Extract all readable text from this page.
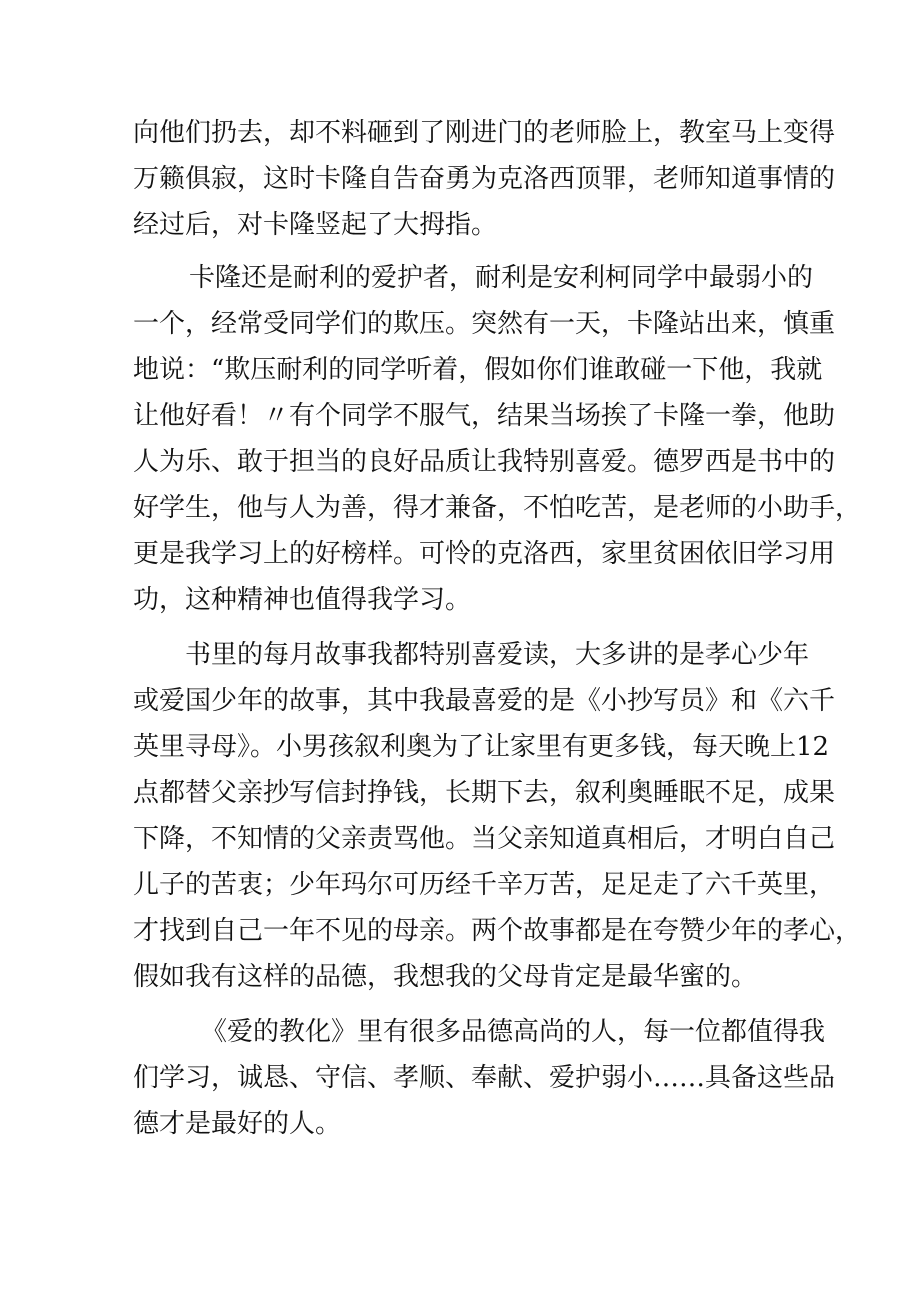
向他们扔去，却不料砸到了刚进门的老师脸上，教室马上变得
万籁俱寂，这时卡隆自告奋勇为克洛西顶罪，老师知道事情的
经过后，对卡隆竖起了大拇指。
卡隆还是耐利的爱护者，耐利是安利柯同学中最弱小的
一个，经常受同学们的欺压。突然有一天，卡隆站出来，慎重
地说：“欺压耐利的同学听着，假如你们谁敢碰一下他，我就
让他好看！〃有个同学不服气，结果当场挨了卡隆一拳，他助
人为乐、敢于担当的良好品质让我特别喜爱。德罗西是书中的
好学生，他与人为善，得才兼备，不怕吃苦，是老师的小助手，
更是我学习上的好榜样。可怜的克洛西，家里贫困依旧学习用
功，这种精神也值得我学习。
书里的每月故事我都特别喜爱读，大多讲的是孝心少年
或爱国少年的故事，其中我最喜爱的是《小抄写员》和《六千
英里寻母》。小男孩叙利奥为了让家里有更多钱，每天晚上12
点都替父亲抄写信封挣钱，长期下去，叙利奥睡眠不足，成果
下降，不知情的父亲责骂他。当父亲知道真相后，才明白自己
儿子的苦衷；少年玛尔可历经千辛万苦，足足走了六千英里，
才找到自己一年不见的母亲。两个故事都是在夸赞少年的孝心，
假如我有这样的品德，我想我的父母肯定是最华蜜的。
《爱的教化》里有很多品德高尚的人，每一位都值得我
们学习，诚恳、守信、孝顺、奉献、爱护弱小……具备这些品
德才是最好的人。
